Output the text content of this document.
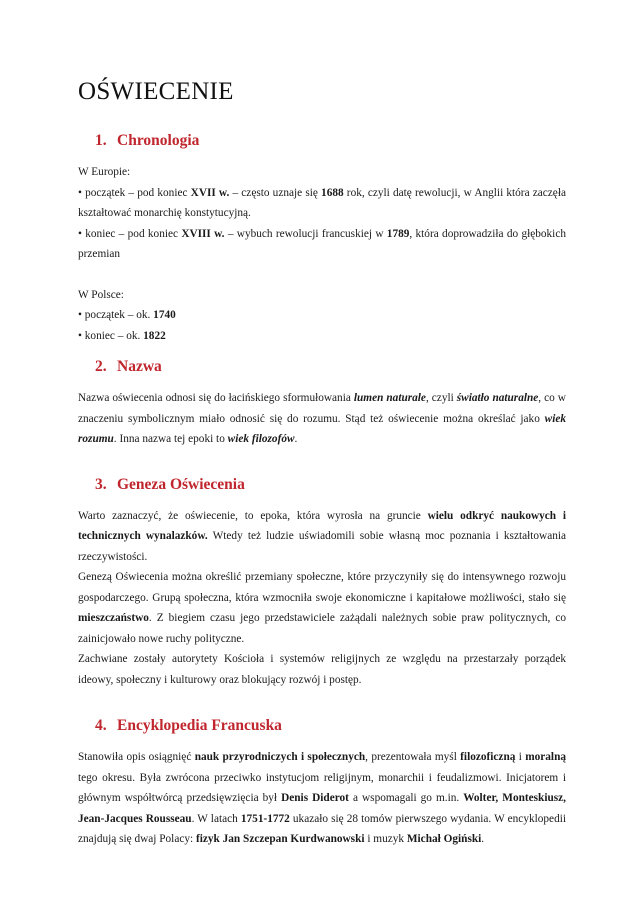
OŚWIECENIE
1. Chronologia

W Europie:

• początek – pod koniec XVII w. – często uznaje się 1688 rok, czyli datę rewolucji, w Anglii która zaczęła kształtować monarchię konstytucyjną.

• koniec – pod koniec XVIII w. – wybuch rewolucji francuskiej w 1789, która doprowadziła do głębokich przemian

W Polsce:

• początek – ok. 1740

• koniec – ok. 1822

2. Nazwa

Nazwa oświecenia odnosi się do łacińskiego sformułowania lumen naturale, czyli światło naturalne, co w znaczeniu symbolicznym miało odnosić się do rozumu. Stąd też oświecenie można określać jako wiek rozumu. Inna nazwa tej epoki to wiek filozofów.

3. Geneza Oświecenia

Warto zaznaczyć, że oświecenie, to epoka, która wyrosła na gruncie wielu odkryć naukowych i technicznych wynalazków. Wtedy też ludzie uświadomili sobie własną moc poznania i kształtowania rzeczywistości.

Genezą Oświecenia można określić przemiany społeczne, które przyczyniły się do intensywnego rozwoju gospodarczego. Grupą społeczna, która wzmocniła swoje ekonomiczne i kapitałowe możliwości, stało się mieszczaństwo. Z biegiem czasu jego przedstawiciele zażądali należnych sobie praw politycznych, co zainicjowało nowe ruchy polityczne.

Zachwiane zostały autorytety Kościoła i systemów religijnych ze względu na przestarzały porządek ideowy, społeczny i kulturowy oraz blokujący rozwój i postęp.

4. Encyklopedia Francuska

Stanowiła opis osiągnięć nauk przyrodniczych i społecznych, prezentowała myśl filozoficzną i moralną tego okresu. Była zwrócona przeciwko instytucjom religijnym, monarchii i feudalizmowi. Inicjatorem i głównym współtwórcą przedsięwzięcia był Denis Diderot a wspomagali go m.in. Wolter, Monteskiusz, Jean-Jacques Rousseau. W latach 1751-1772 ukazało się 28 tomów pierwszego wydania. W encyklopedii znajdują się dwaj Polacy: fizyk Jan Szczepan Kurdwanowski i muzyk Michał Ogiński.
